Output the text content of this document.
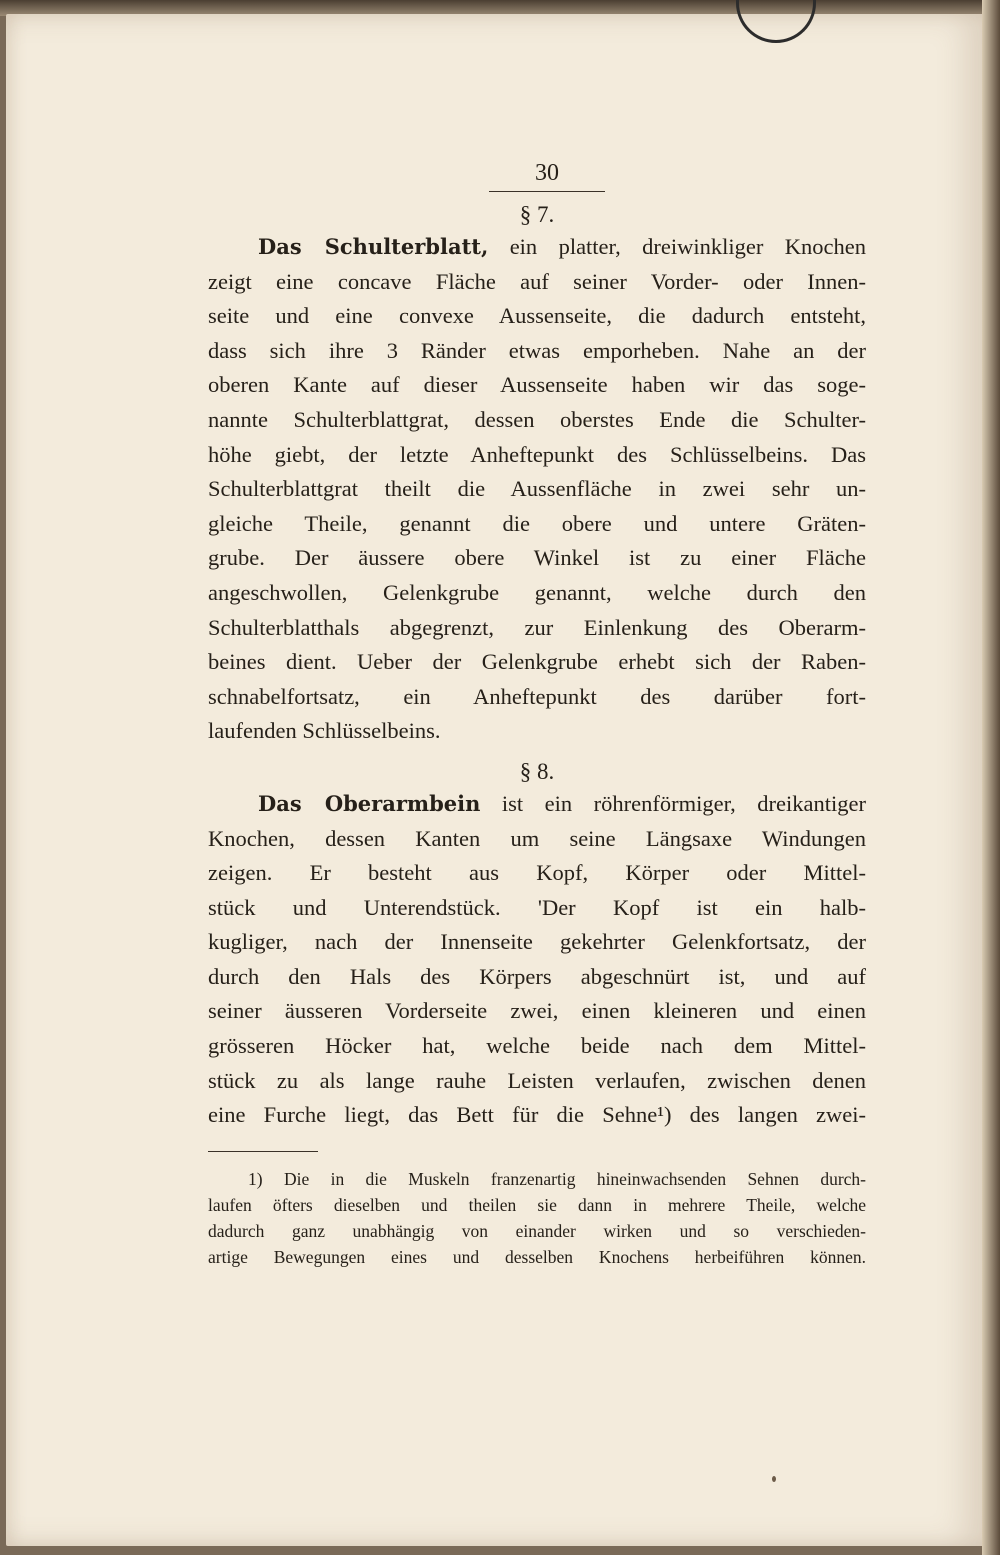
30
§ 7.
Das Schulterblatt, ein platter, dreiwinkliger Knochen
zeigt eine concave Fläche auf seiner Vorder- oder Innen-
seite und eine convexe Aussenseite, die dadurch entsteht,
dass sich ihre 3 Ränder etwas emporheben. Nahe an der
oberen Kante auf dieser Aussenseite haben wir das soge-
nannte Schulterblattgrat, dessen oberstes Ende die Schulter-
höhe giebt, der letzte Anheftepunkt des Schlüsselbeins. Das
Schulterblattgrat theilt die Aussenfläche in zwei sehr un-
gleiche Theile, genannt die obere und untere Gräten-
grube. Der äussere obere Winkel ist zu einer Fläche
angeschwollen, Gelenkgrube genannt, welche durch den
Schulterblatthals abgegrenzt, zur Einlenkung des Oberarm-
beines dient. Ueber der Gelenkgrube erhebt sich der Raben-
schnabelfortsatz, ein Anheftepunkt des darüber fort-
laufenden Schlüsselbeins.
§ 8.
Das Oberarmbein ist ein röhrenförmiger, dreikantiger
Knochen, dessen Kanten um seine Längsaxe Windungen
zeigen. Er besteht aus Kopf, Körper oder Mittel-
stück und Unterendstück. 'Der Kopf ist ein halb-
kugliger, nach der Innenseite gekehrter Gelenkfortsatz, der
durch den Hals des Körpers abgeschnürt ist, und auf
seiner äusseren Vorderseite zwei, einen kleineren und einen
grösseren Höcker hat, welche beide nach dem Mittel-
stück zu als lange rauhe Leisten verlaufen, zwischen denen
eine Furche liegt, das Bett für die Sehne¹) des langen zwei-
1) Die in die Muskeln franzenartig hineinwachsenden Sehnen durch-
laufen öfters dieselben und theilen sie dann in mehrere Theile, welche
dadurch ganz unabhängig von einander wirken und so verschieden-
artige Bewegungen eines und desselben Knochens herbeiführen können.
